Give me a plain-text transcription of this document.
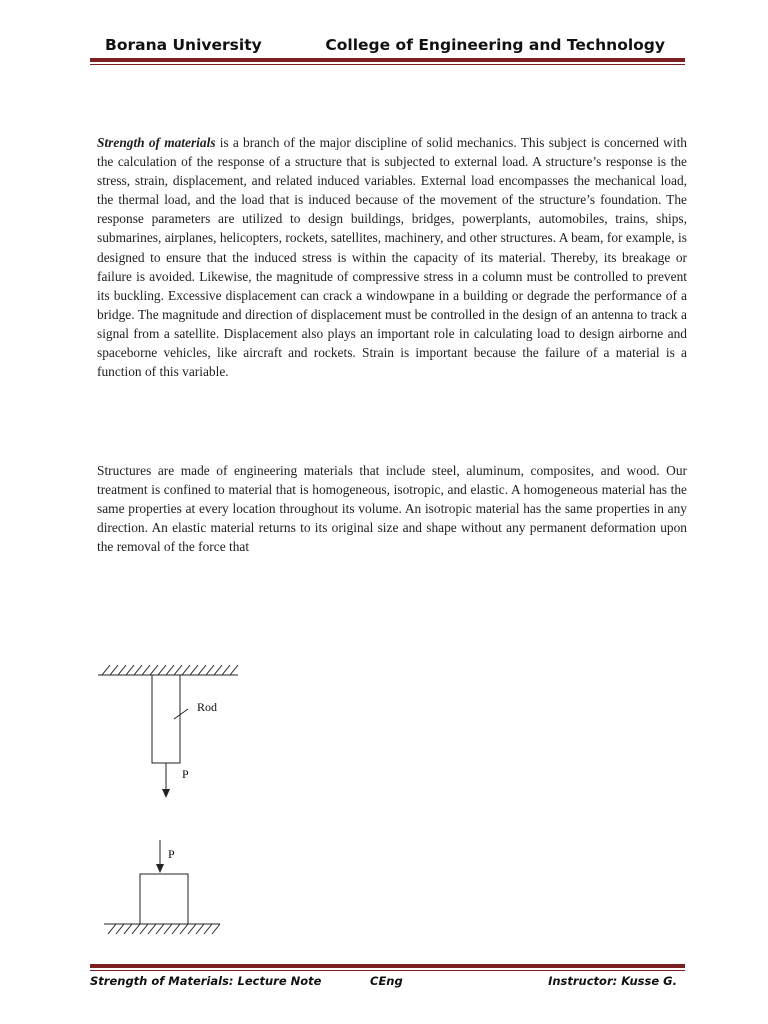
Borana University	College of Engineering and Technology

Strength of materials is a branch of the major discipline of solid mechanics. This subject is concerned with the calculation of the response of a structure that is subjected to external load. A structure’s response is the stress, strain, displacement, and related induced variables. External load encompasses the mechanical load, the thermal load, and the load that is induced because of the movement of the structure’s foundation. The response parameters are utilized to design buildings, bridges, powerplants, automobiles, trains, ships, submarines, airplanes, helicopters, rockets, satellites, machinery, and other structures. A beam, for example, is designed to ensure that the induced stress is within the capacity of its material. Thereby, its breakage or failure is avoided. Likewise, the magnitude of compressive stress in a column must be controlled to prevent its buckling. Excessive displacement can crack a windowpane in a building or degrade the performance of a bridge. The magnitude and direction of displacement must be controlled in the design of an antenna to track a signal from a satellite. Displacement also plays an important role in calculating load to design airborne and spaceborne vehicles, like aircraft and rockets. Strain is important because the failure of a material is a function of this variable.

Structures are made of engineering materials that include steel, aluminum, composites, and wood. Our treatment is confined to material that is homogeneous, isotropic, and elastic. A homogeneous material has the same properties at every location throughout its volume. An isotropic material has the same properties in any direction. An elastic material returns to its original size and shape without any permanent deformation upon the removal of the force that

Rod
P
P
Strength of Materials: Lecture Note	CEng	Instructor: Kusse G.
